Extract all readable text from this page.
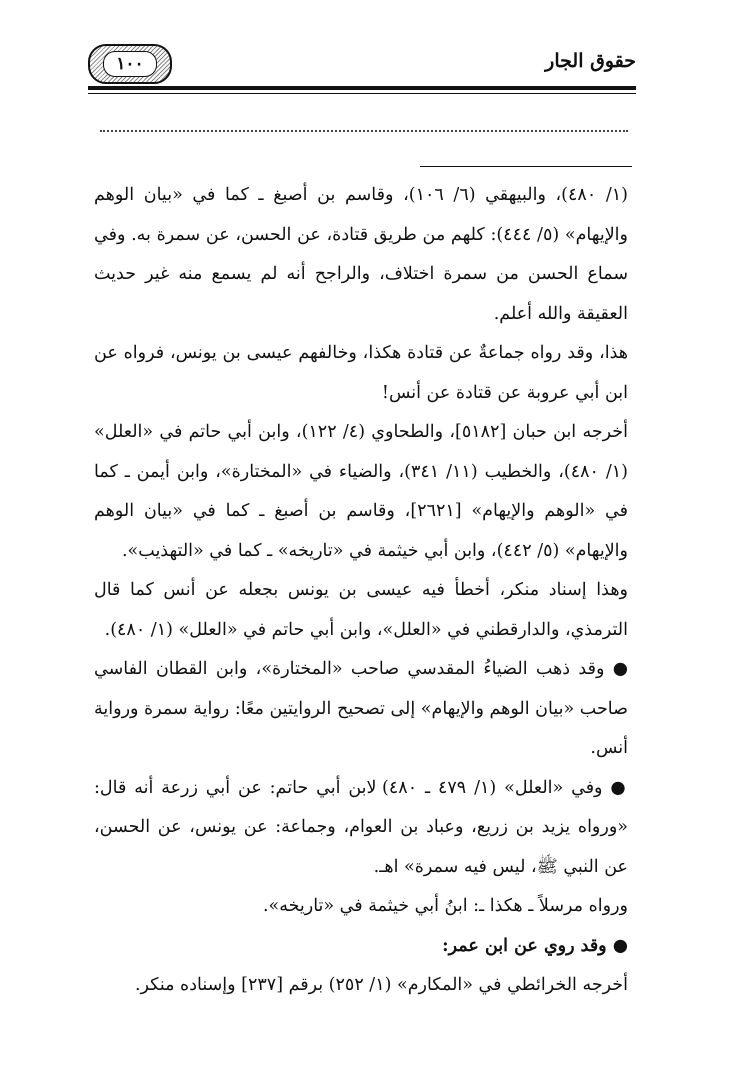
١٠٠	حقوق الجار

(١/ ٤٨٠)، والبيهقي (٦/ ١٠٦)، وقاسم بن أصبغ ـ كما في «بيان الوهم والإيهام» (٥/ ٤٤٤): كلهم من طريق قتادة، عن الحسن، عن سمرة به. وفي سماع الحسن من سمرة اختلاف، والراجح أنه لم يسمع منه غير حديث العقيقة والله أعلم.

هذا، وقد رواه جماعةٌ عن قتادة هكذا، وخالفهم عيسى بن يونس، فرواه عن ابن أبي عروبة عن قتادة عن أنس!

أخرجه ابن حبان [٥١٨٢]، والطحاوي (٤/ ١٢٢)، وابن أبي حاتم في «العلل» (١/ ٤٨٠)، والخطيب (١١/ ٣٤١)، والضياء في «المختارة»، وابن أيمن ـ كما في «الوهم والإيهام» [٢٦٢١]، وقاسم بن أصبغ ـ كما في «بيان الوهم والإيهام» (٥/ ٤٤٢)، وابن أبي خيثمة في «تاريخه» ـ كما في «التهذيب».

وهذا إسناد منكر، أخطأ فيه عيسى بن يونس بجعله عن أنس كما قال الترمذي، والدارقطني في «العلل»، وابن أبي حاتم في «العلل» (١/ ٤٨٠).

● وقد ذهب الضياءُ المقدسي صاحب «المختارة»، وابن القطان الفاسي صاحب «بيان الوهم والإيهام» إلى تصحيح الروايتين معًا: رواية سمرة ورواية أنس.

● وفي «العلل» (١/ ٤٧٩ ـ ٤٨٠) لابن أبي حاتم: عن أبي زرعة أنه قال: «ورواه يزيد بن زريع، وعباد بن العوام، وجماعة: عن يونس، عن الحسن، عن النبي ﷺ، ليس فيه سمرة» اهـ.

ورواه مرسلاً ـ هكذا ـ: ابنُ أبي خيثمة في «تاريخه».

● وقد روي عن ابن عمر:

أخرجه الخرائطي في «المكارم» (١/ ٢٥٢) برقم [٢٣٧] وإسناده منكر.
